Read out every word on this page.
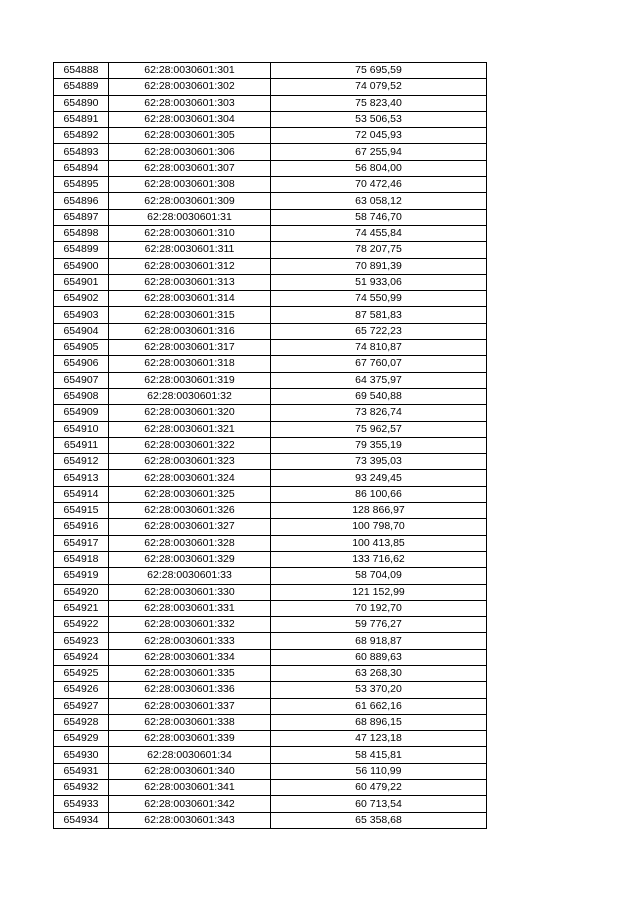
654888	62:28:0030601:301	75 695,59
654889	62:28:0030601:302	74 079,52
654890	62:28:0030601:303	75 823,40
654891	62:28:0030601:304	53 506,53
654892	62:28:0030601:305	72 045,93
654893	62:28:0030601:306	67 255,94
654894	62:28:0030601:307	56 804,00
654895	62:28:0030601:308	70 472,46
654896	62:28:0030601:309	63 058,12
654897	62:28:0030601:31	58 746,70
654898	62:28:0030601:310	74 455,84
654899	62:28:0030601:311	78 207,75
654900	62:28:0030601:312	70 891,39
654901	62:28:0030601:313	51 933,06
654902	62:28:0030601:314	74 550,99
654903	62:28:0030601:315	87 581,83
654904	62:28:0030601:316	65 722,23
654905	62:28:0030601:317	74 810,87
654906	62:28:0030601:318	67 760,07
654907	62:28:0030601:319	64 375,97
654908	62:28:0030601:32	69 540,88
654909	62:28:0030601:320	73 826,74
654910	62:28:0030601:321	75 962,57
654911	62:28:0030601:322	79 355,19
654912	62:28:0030601:323	73 395,03
654913	62:28:0030601:324	93 249,45
654914	62:28:0030601:325	86 100,66
654915	62:28:0030601:326	128 866,97
654916	62:28:0030601:327	100 798,70
654917	62:28:0030601:328	100 413,85
654918	62:28:0030601:329	133 716,62
654919	62:28:0030601:33	58 704,09
654920	62:28:0030601:330	121 152,99
654921	62:28:0030601:331	70 192,70
654922	62:28:0030601:332	59 776,27
654923	62:28:0030601:333	68 918,87
654924	62:28:0030601:334	60 889,63
654925	62:28:0030601:335	63 268,30
654926	62:28:0030601:336	53 370,20
654927	62:28:0030601:337	61 662,16
654928	62:28:0030601:338	68 896,15
654929	62:28:0030601:339	47 123,18
654930	62:28:0030601:34	58 415,81
654931	62:28:0030601:340	56 110,99
654932	62:28:0030601:341	60 479,22
654933	62:28:0030601:342	60 713,54
654934	62:28:0030601:343	65 358,68
